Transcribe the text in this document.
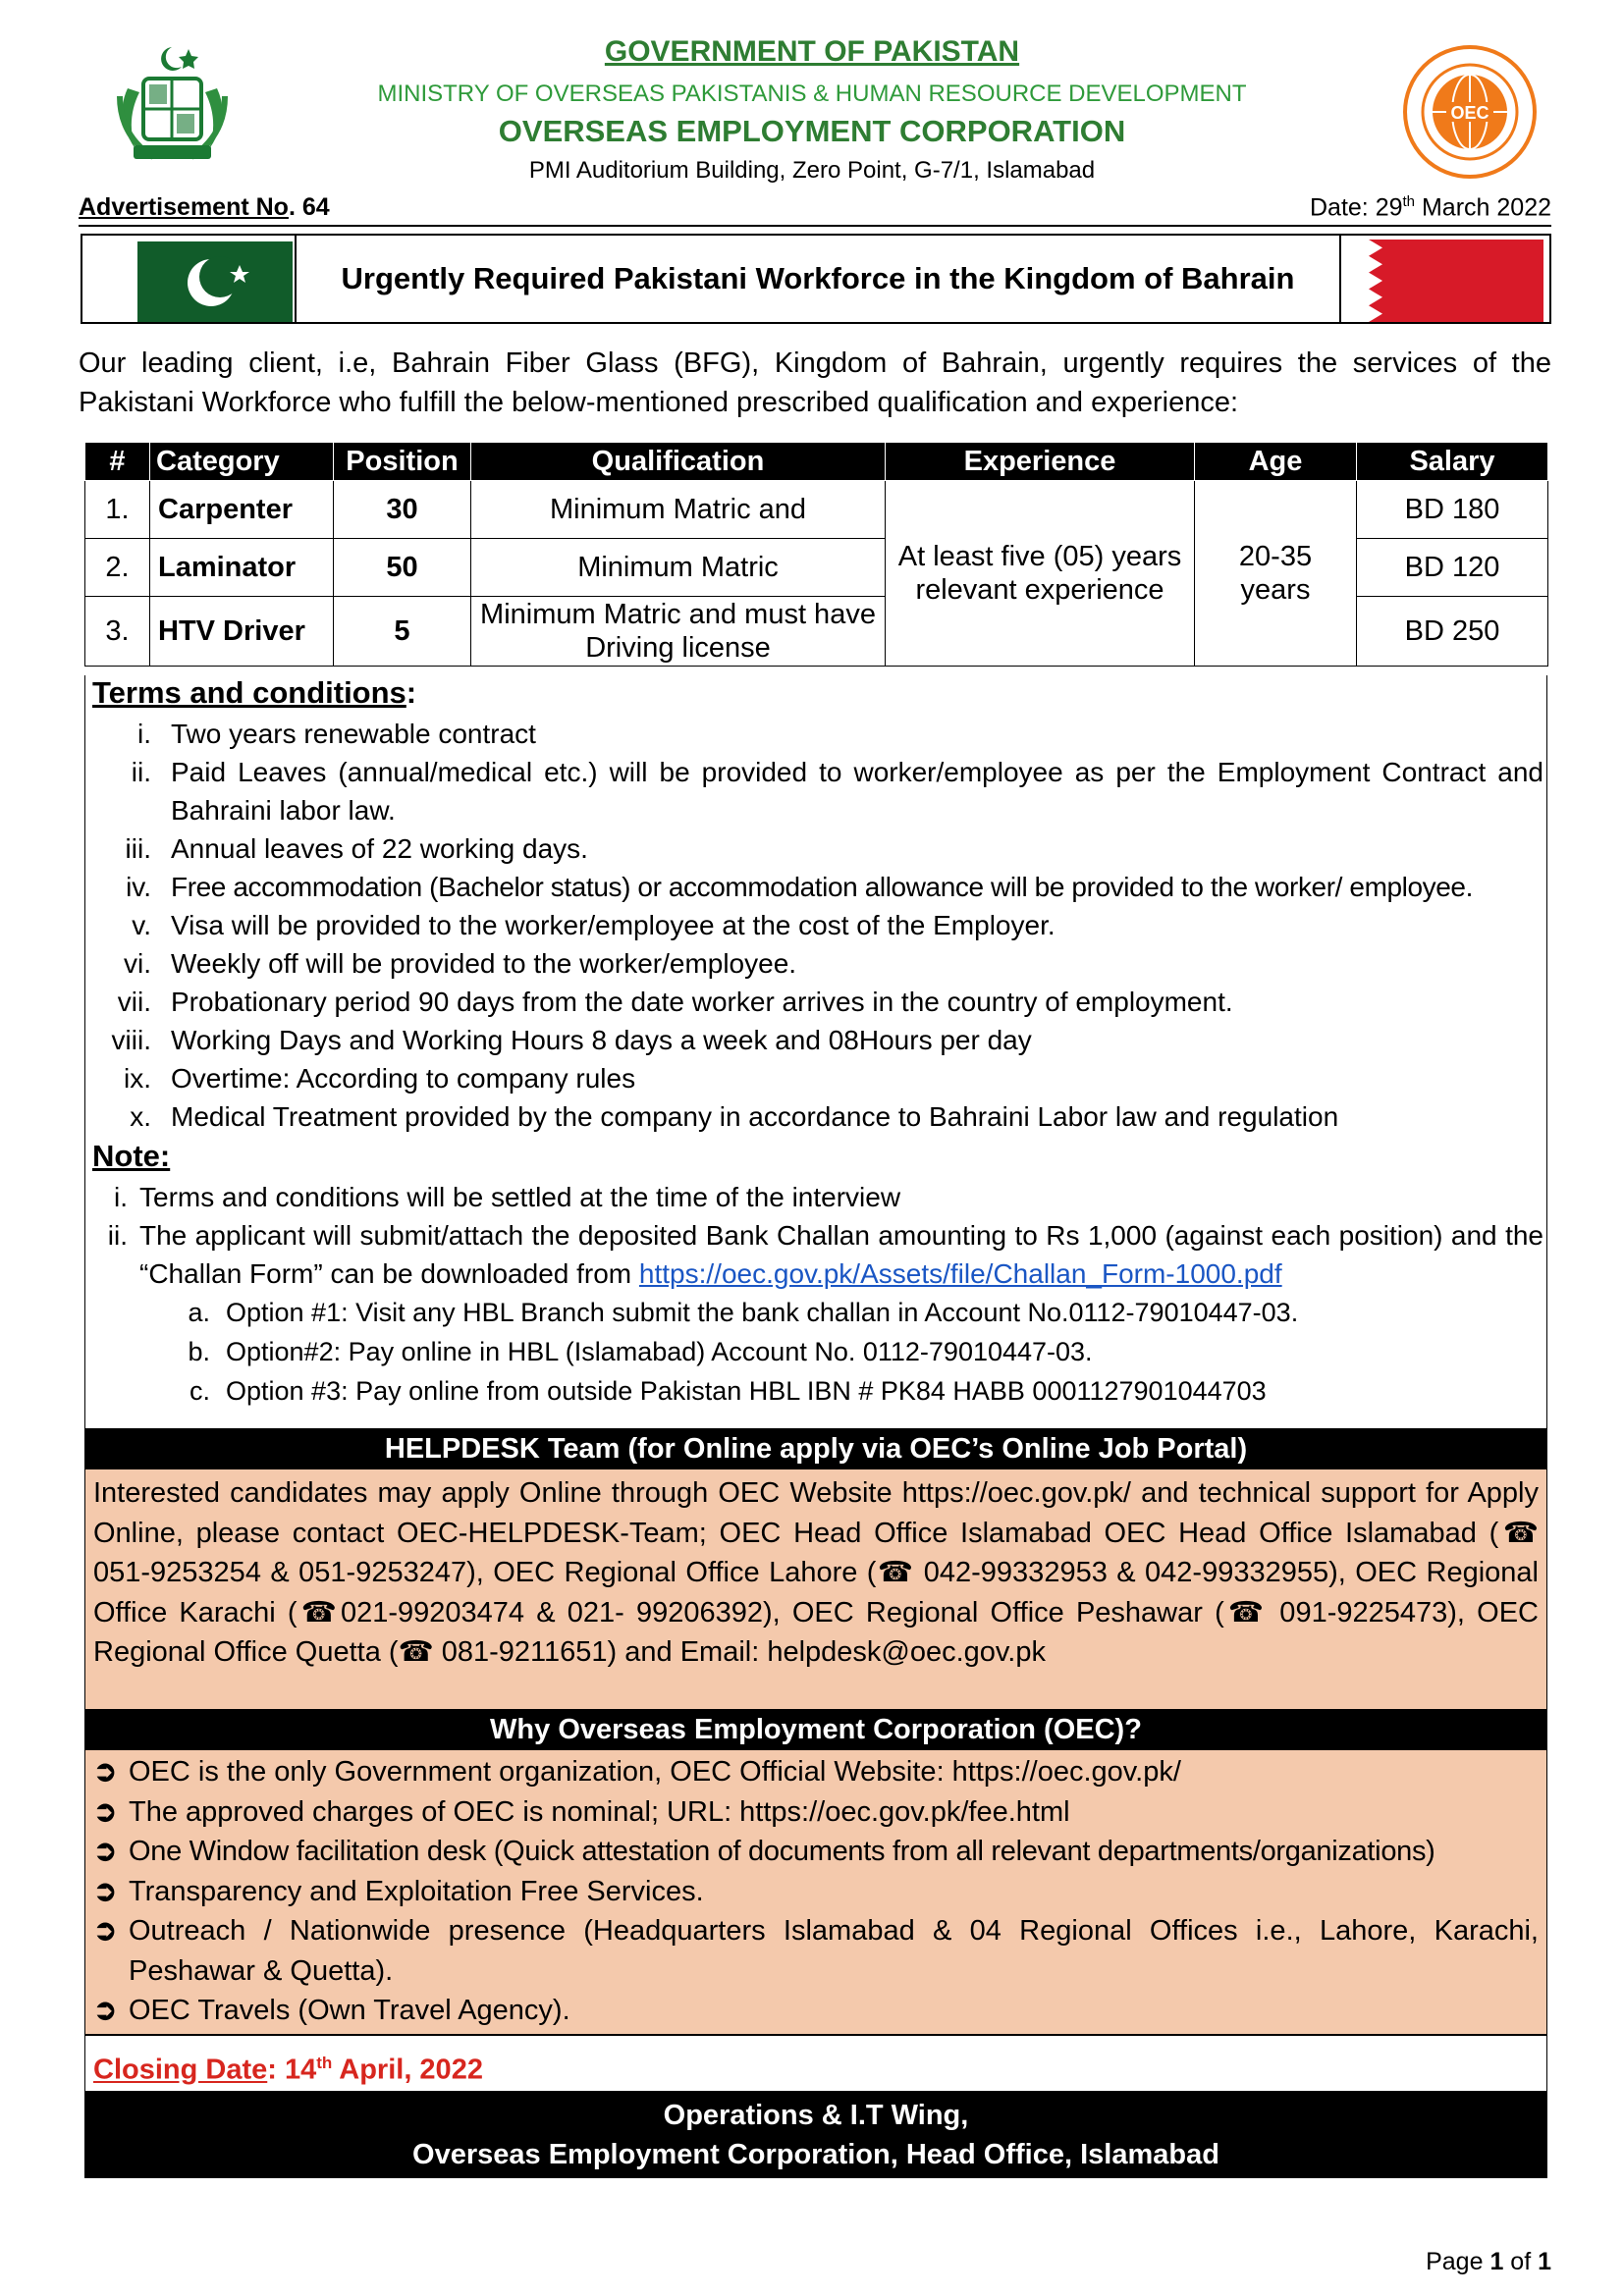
OEC
GOVERNMENT OF PAKISTAN
MINISTRY OF OVERSEAS PAKISTANIS & HUMAN RESOURCE DEVELOPMENT
OVERSEAS EMPLOYMENT CORPORATION
PMI Auditorium Building, Zero Point, G-7/1, Islamabad
Advertisement No. 64	Date: 29th March 2022
Urgently Required Pakistani Workforce in the Kingdom of Bahrain
Our leading client, i.e, Bahrain Fiber Glass (BFG), Kingdom of Bahrain, urgently requires the services of the Pakistani Workforce who fulfill the below-mentioned prescribed qualification and experience:
#	Category	Position	Qualification	Experience	Age	Salary
1.	Carpenter	30	Minimum Matric and	At least five (05) years relevant experience	20-35 years	BD 180
2.	Laminator	50	Minimum Matric			BD 120
3.	HTV Driver	5	Minimum Matric and must have Driving license			BD 250
Terms and conditions:
i. Two years renewable contract
ii. Paid Leaves (annual/medical etc.) will be provided to worker/employee as per the Employment Contract and Bahraini labor law.
iii. Annual leaves of 22 working days.
iv. Free accommodation (Bachelor status) or accommodation allowance will be provided to the worker/ employee.
v. Visa will be provided to the worker/employee at the cost of the Employer.
vi. Weekly off will be provided to the worker/employee.
vii. Probationary period 90 days from the date worker arrives in the country of employment.
viii. Working Days and Working Hours 8 days a week and 08Hours per day
ix. Overtime: According to company rules
x. Medical Treatment provided by the company in accordance to Bahraini Labor law and regulation
Note:
i. Terms and conditions will be settled at the time of the interview
ii. The applicant will submit/attach the deposited Bank Challan amounting to Rs 1,000 (against each position) and the “Challan Form” can be downloaded from https://oec.gov.pk/Assets/file/Challan_Form-1000.pdf
a. Option #1: Visit any HBL Branch submit the bank challan in Account No.0112-79010447-03.
b. Option#2: Pay online in HBL (Islamabad) Account No. 0112-79010447-03.
c. Option #3: Pay online from outside Pakistan HBL IBN # PK84 HABB 0001127901044703
HELPDESK Team (for Online apply via OEC’s Online Job Portal)
Interested candidates may apply Online through OEC Website https://oec.gov.pk/ and technical support for Apply Online, please contact OEC-HELPDESK-Team; OEC Head Office Islamabad OEC Head Office Islamabad (☎ 051-9253254 & 051-9253247), OEC Regional Office Lahore (☎ 042-99332953 & 042-99332955), OEC Regional Office Karachi (☎021-99203474 & 021- 99206392), OEC Regional Office Peshawar (☎ 091-9225473), OEC Regional Office Quetta (☎ 081-9211651) and Email: helpdesk@oec.gov.pk
Why Overseas Employment Corporation (OEC)?
➲ OEC is the only Government organization, OEC Official Website: https://oec.gov.pk/
➲ The approved charges of OEC is nominal; URL: https://oec.gov.pk/fee.html
➲ One Window facilitation desk (Quick attestation of documents from all relevant departments/organizations)
➲ Transparency and Exploitation Free Services.
➲ Outreach / Nationwide presence (Headquarters Islamabad & 04 Regional Offices i.e., Lahore, Karachi, Peshawar & Quetta).
➲ OEC Travels (Own Travel Agency).
Closing Date: 14th April, 2022
Operations & I.T Wing,
Overseas Employment Corporation, Head Office, Islamabad
Page 1 of 1
